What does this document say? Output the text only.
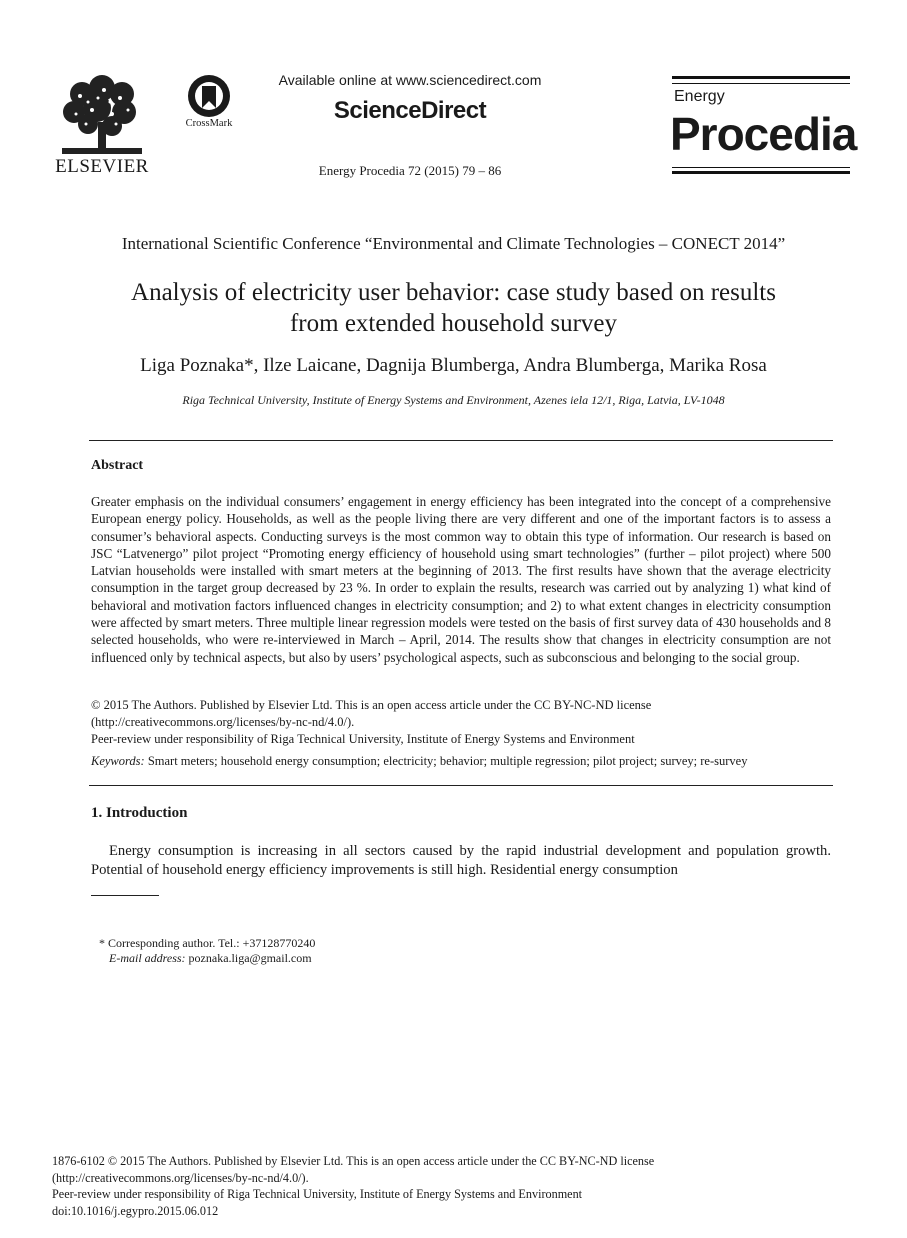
ELSEVIER
CrossMark
Available online at www.sciencedirect.com
ScienceDirect
Energy Procedia 72 (2015) 79 – 86
Energy
Procedia
International Scientific Conference “Environmental and Climate Technologies – CONECT 2014”
Analysis of electricity user behavior: case study based on results
from extended household survey
Liga Poznaka*, Ilze Laicane, Dagnija Blumberga, Andra Blumberga, Marika Rosa
Riga Technical University, Institute of Energy Systems and Environment, Azenes iela 12/1, Riga, Latvia, LV-1048
Abstract
Greater emphasis on the individual consumers’ engagement in energy efficiency has been integrated into the concept of a comprehensive European energy policy. Households, as well as the people living there are very different and one of the important factors is to assess a consumer’s behavioral aspects. Conducting surveys is the most common way to obtain this type of information. Our research is based on JSC “Latvenergo” pilot project “Promoting energy efficiency of household using smart technologies” (further – pilot project) where 500 Latvian households were installed with smart meters at the beginning of 2013. The first results have shown that the average electricity consumption in the target group decreased by 23 %. In order to explain the results, research was carried out by analyzing 1) what kind of behavioral and motivation factors influenced changes in electricity consumption; and 2) to what extent changes in electricity consumption were affected by smart meters. Three multiple linear regression models were tested on the basis of first survey data of 430 households and 8 selected households, who were re-interviewed in March – April, 2014. The results show that changes in electricity consumption are not influenced only by technical aspects, but also by users’ psychological aspects, such as subconscious and belonging to the social group.
© 2015 The Authors. Published by Elsevier Ltd. This is an open access article under the CC BY-NC-ND license
(http://creativecommons.org/licenses/by-nc-nd/4.0/).
Peer-review under responsibility of Riga Technical University, Institute of Energy Systems and Environment
Keywords: Smart meters; household energy consumption; electricity; behavior; multiple regression; pilot project; survey; re-survey
1. Introduction
Energy consumption is increasing in all sectors caused by the rapid industrial development and population growth. Potential of household energy efficiency improvements is still high. Residential energy consumption
* Corresponding author. Tel.: +37128770240
E-mail address: poznaka.liga@gmail.com
1876-6102 © 2015 The Authors. Published by Elsevier Ltd. This is an open access article under the CC BY-NC-ND license
(http://creativecommons.org/licenses/by-nc-nd/4.0/).
Peer-review under responsibility of Riga Technical University, Institute of Energy Systems and Environment
doi:10.1016/j.egypro.2015.06.012
